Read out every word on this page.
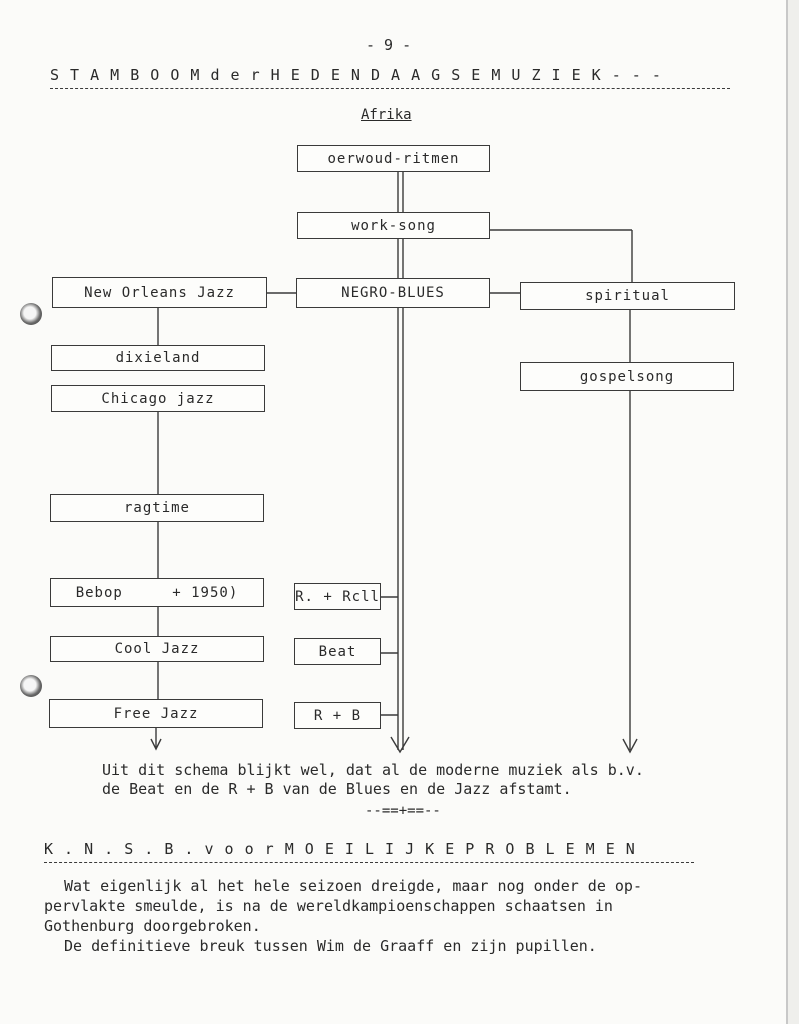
- 9 -
S T A M B O O M d e r H E D E N D A A G S E M U Z I E K - - -
Afrika
oerwoud-ritmen
work-song
New Orleans Jazz	NEGRO-BLUES	spiritual
dixieland
gospelsong
Chicago jazz
ragtime
Bebop	+ 1950)	R. + Rcll
Cool Jazz	Beat
Free Jazz	R + B
Uit dit schema blijkt wel, dat al de moderne muziek als b.v.
de Beat en de R + B van de Blues en de Jazz afstamt.
--==+==--
K . N . S . B . v o o r M O E I L I J K E P R O B L E M E N
Wat eigenlijk al het hele seizoen dreigde, maar nog onder de op-
pervlakte smeulde, is na de wereldkampioenschappen schaatsen in
Gothenburg doorgebroken.
De definitieve breuk tussen Wim de Graaff en zijn pupillen.
